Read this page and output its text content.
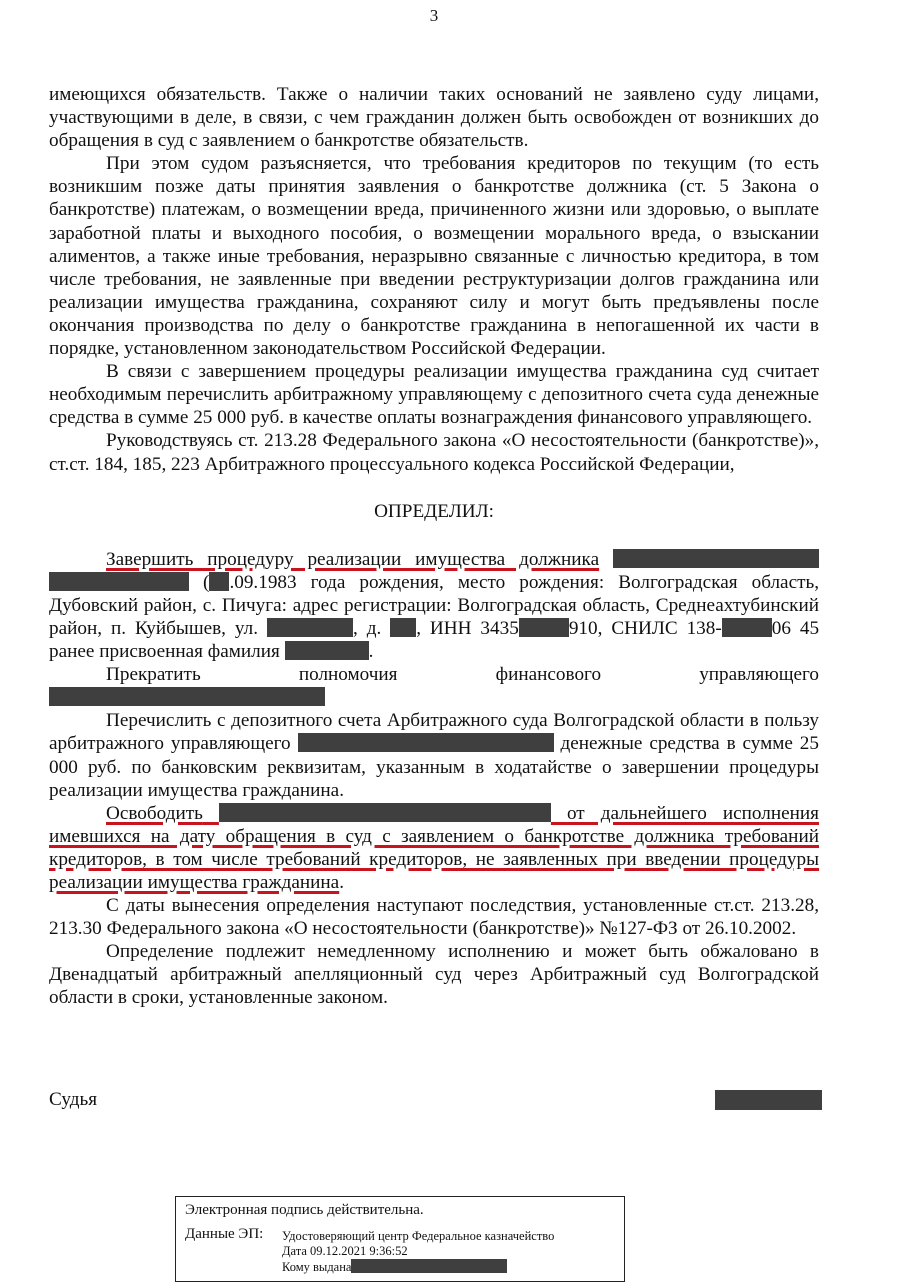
3

имеющихся обязательств. Также о наличии таких оснований не заявлено суду лицами, участвующими в деле, в связи, с чем гражданин должен быть освобожден от возникших до обращения в суд с заявлением о банкротстве обязательств.

При этом судом разъясняется, что требования кредиторов по текущим (то есть возникшим позже даты принятия заявления о банкротстве должника (ст. 5 Закона о банкротстве) платежам, о возмещении вреда, причиненного жизни или здоровью, о выплате заработной платы и выходного пособия, о возмещении морального вреда, о взыскании алиментов, а также иные требования, неразрывно связанные с личностью кредитора, в том числе требования, не заявленные при введении реструктуризации долгов гражданина или реализации имущества гражданина, сохраняют силу и могут быть предъявлены после окончания производства по делу о банкротстве гражданина в непогашенной их части в порядке, установленном законодательством Российской Федерации.

В связи с завершением процедуры реализации имущества гражданина суд считает необходимым перечислить арбитражному управляющему с депозитного счета суда денежные средства в сумме 25 000 руб. в качестве оплаты вознаграждения финансового управляющего.

Руководствуясь ст. 213.28 Федерального закона «О несостоятельности (банкротстве)», ст.ст. 184, 185, 223 Арбитражного процессуального кодекса Российской Федерации,

ОПРЕДЕЛИЛ:

Завершить процедуру реализации имущества должника   ( .09.1983 года рождения, место рождения: Волгоградская область, Дубовский район, с. Пичуга: адрес регистрации: Волгоградская область, Среднеахтубинский район, п. Куйбышев, ул.	, д. , ИНН 3435	910, СНИЛС 138-	06 45 ранее присвоенная фамилия	.

Прекратить полномочия финансового управляющего

Перечислить с депозитного счета Арбитражного суда Волгоградской области в пользу арбитражного управляющего	денежные средства в сумме 25 000 руб. по банковским реквизитам, указанным в ходатайстве о завершении процедуры реализации имущества гражданина.

Освободить	от дальнейшего исполнения имевшихся на дату обращения в суд с заявлением о банкротстве должника требований кредиторов, в том числе требований кредиторов, не заявленных при введении процедуры реализации имущества гражданина.

С даты вынесения определения наступают последствия, установленные ст.ст. 213.28, 213.30 Федерального закона «О несостоятельности (банкротстве)» №127-ФЗ от 26.10.2002.

Определение подлежит немедленному исполнению и может быть обжаловано в Двенадцатый арбитражный апелляционный суд через Арбитражный суд Волгоградской области в сроки, установленные законом.

Судья
Электронная подпись действительна.
Данные ЭП: Удостоверяющий центр Федеральное казначейство
Дата 09.12.2021 9:36:52
Кому выдана
